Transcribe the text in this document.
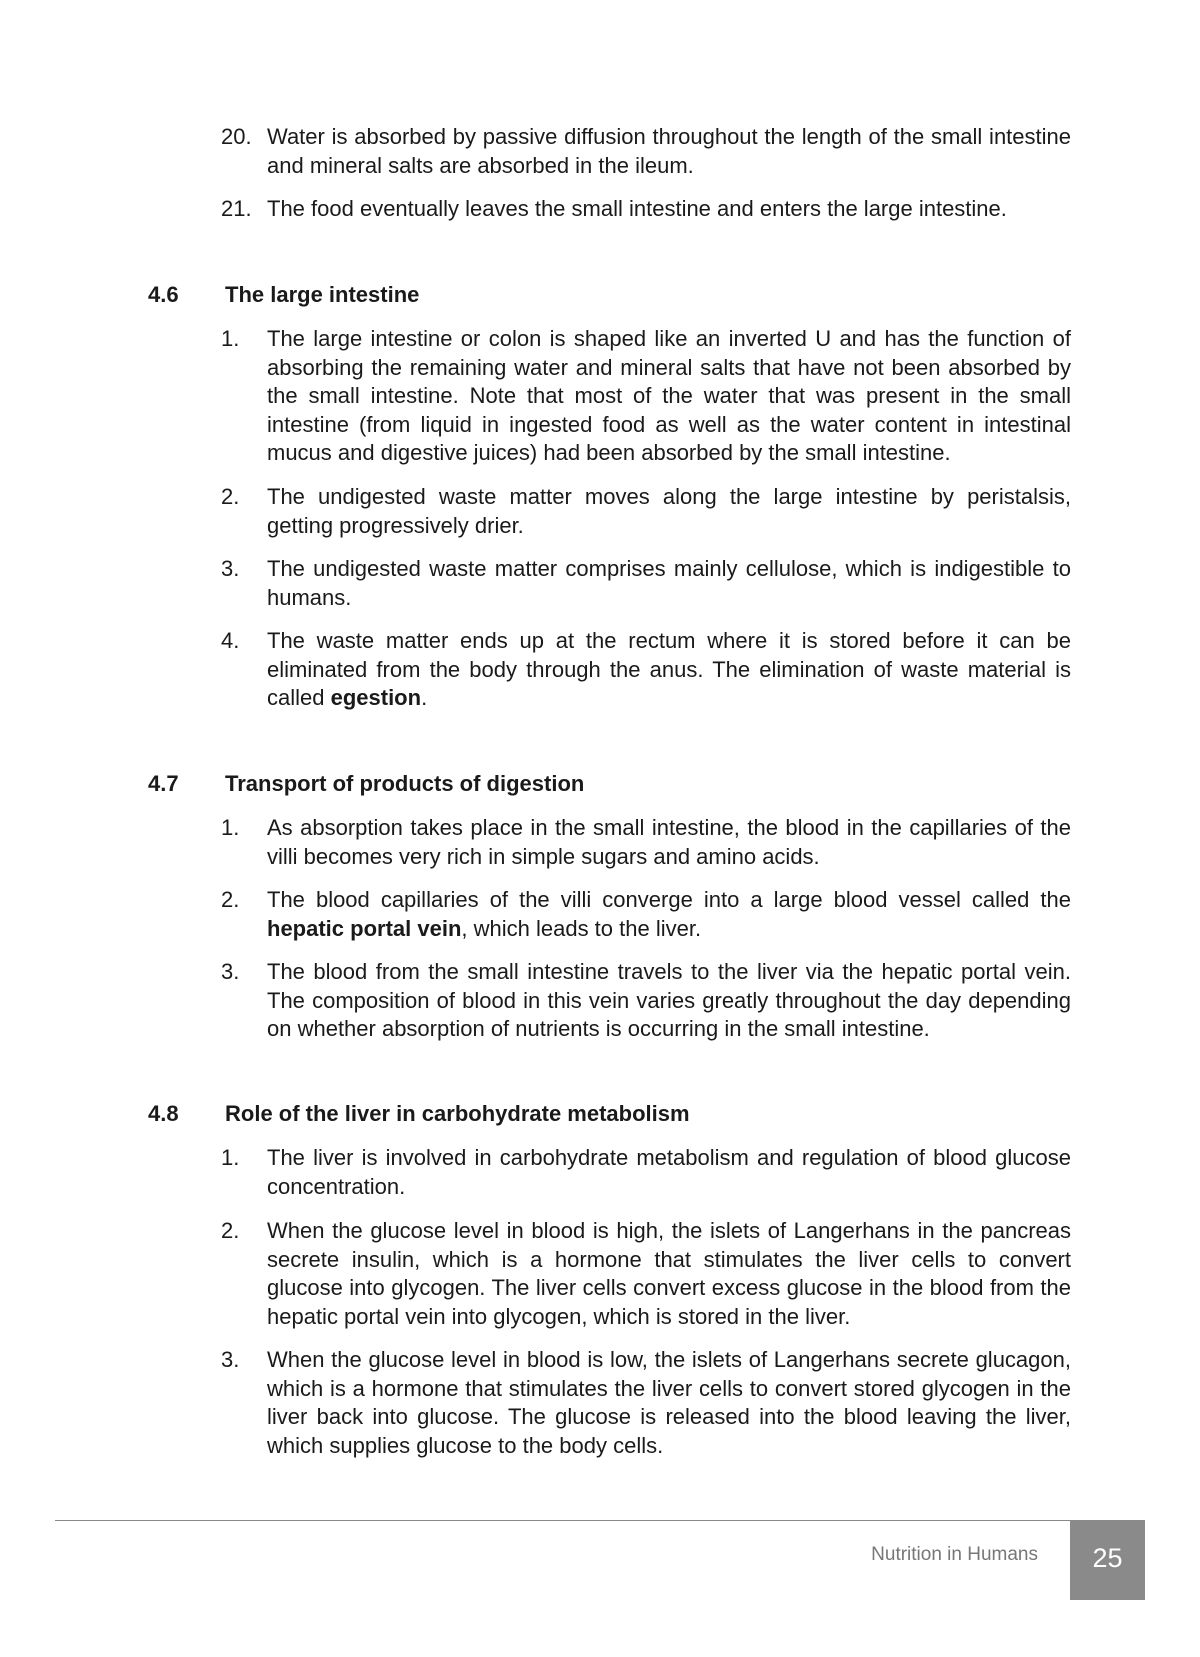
20. Water is absorbed by passive diffusion throughout the length of the small intestine and mineral salts are absorbed in the ileum.
21. The food eventually leaves the small intestine and enters the large intestine.
4.6 The large intestine
1.	The large intestine or colon is shaped like an inverted U and has the function of absorbing the remaining water and mineral salts that have not been absorbed by the small intestine. Note that most of the water that was present in the small intestine (from liquid in ingested food as well as the water content in intestinal mucus and digestive juices) had been absorbed by the small intestine.
2.	The undigested waste matter moves along the large intestine by peristalsis, getting progressively drier.
3.	The undigested waste matter comprises mainly cellulose, which is indigestible to humans.
4.	The waste matter ends up at the rectum where it is stored before it can be eliminated from the body through the anus. The elimination of waste material is called egestion.
4.7 Transport of products of digestion
1.	As absorption takes place in the small intestine, the blood in the capillaries of the villi becomes very rich in simple sugars and amino acids.
2.	The blood capillaries of the villi converge into a large blood vessel called the hepatic portal vein, which leads to the liver.
3.	The blood from the small intestine travels to the liver via the hepatic portal vein. The composition of blood in this vein varies greatly throughout the day depending on whether absorption of nutrients is occurring in the small intestine.
4.8 Role of the liver in carbohydrate metabolism
1.	The liver is involved in carbohydrate metabolism and regulation of blood glucose concentration.
2.	When the glucose level in blood is high, the islets of Langerhans in the pancreas secrete insulin, which is a hormone that stimulates the liver cells to convert glucose into glycogen. The liver cells convert excess glucose in the blood from the hepatic portal vein into glycogen, which is stored in the liver.
3.	When the glucose level in blood is low, the islets of Langerhans secrete glucagon, which is a hormone that stimulates the liver cells to convert stored glycogen in the liver back into glucose. The glucose is released into the blood leaving the liver, which supplies glucose to the body cells.
Nutrition in Humans	25
